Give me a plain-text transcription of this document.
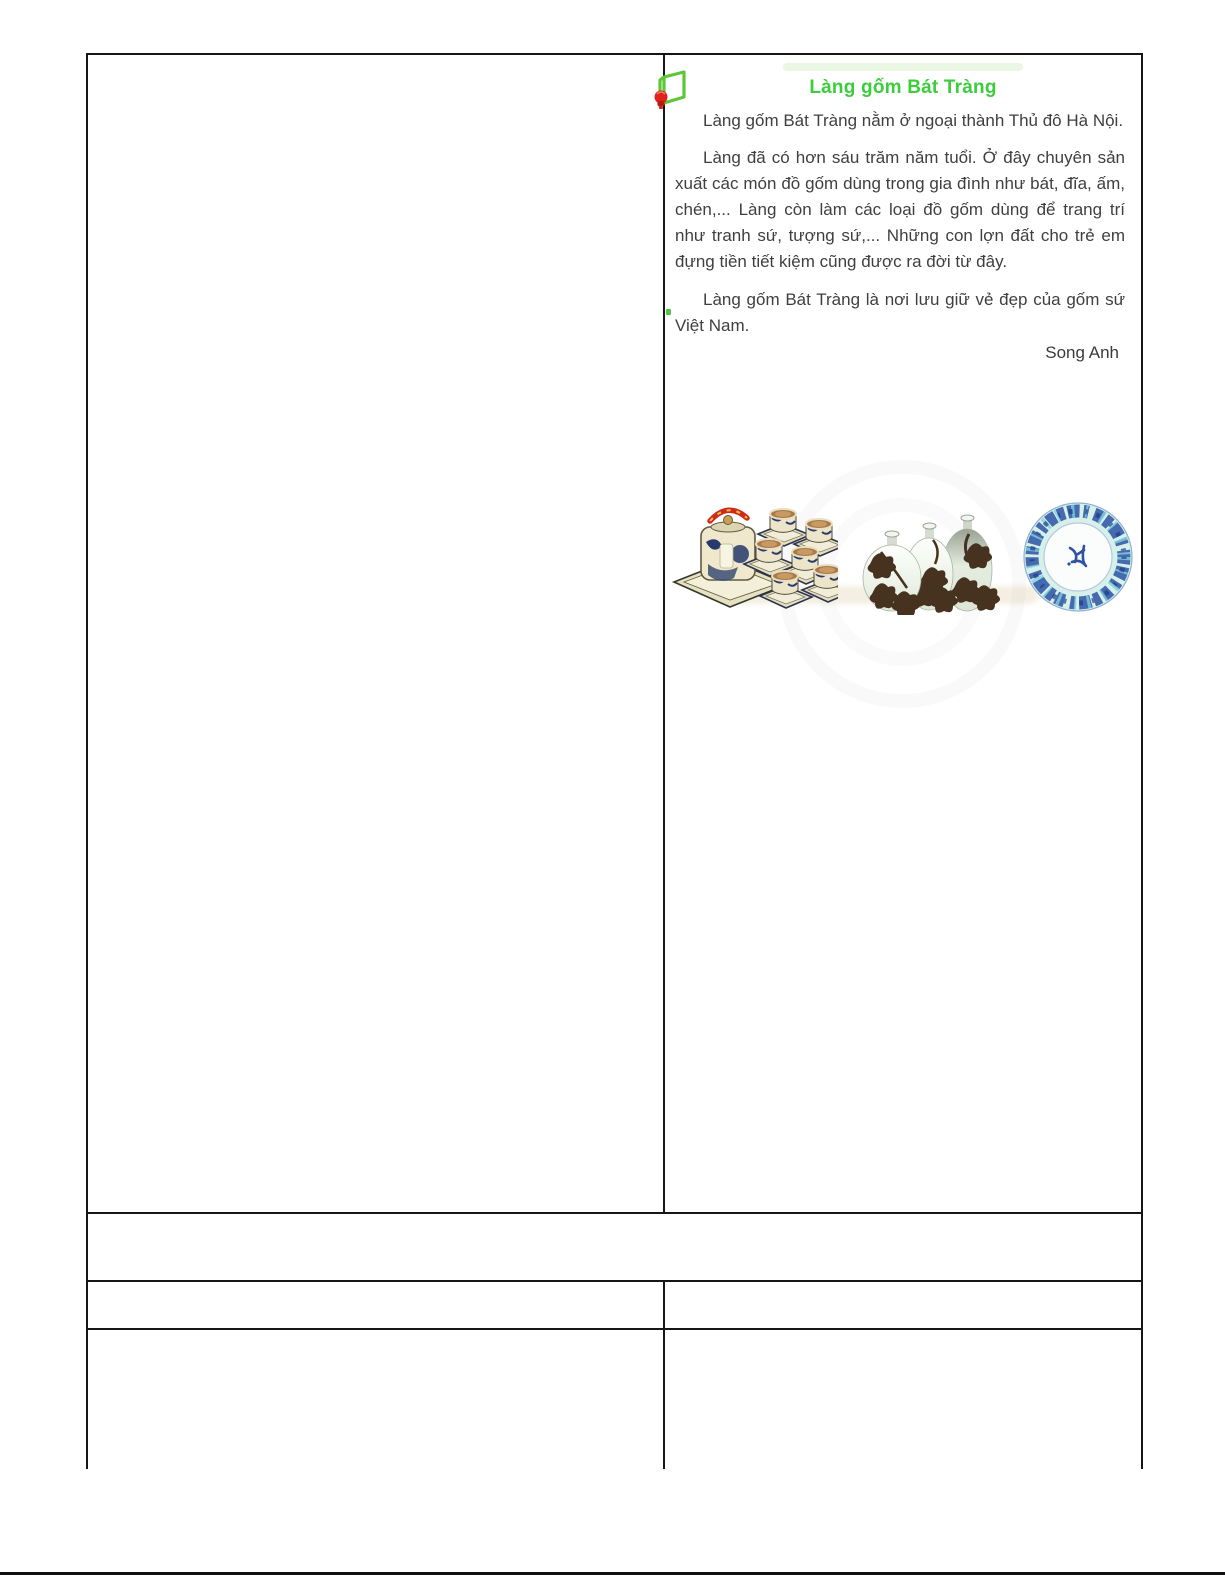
Làng gốm Bát Tràng

Làng gốm Bát Tràng nằm ở ngoại thành Thủ đô Hà Nội.

Làng đã có hơn sáu trăm năm tuổi. Ở đây chuyên sản xuất các món đồ gốm dùng trong gia đình như bát, đĩa, ấm, chén,... Làng còn làm các loại đồ gốm dùng để trang trí như tranh sứ, tượng sứ,... Những con lợn đất cho trẻ em đựng tiền tiết kiệm cũng được ra đời từ đây.

Làng gốm Bát Tràng là nơi lưu giữ vẻ đẹp của gốm sứ Việt Nam.

Song Anh
